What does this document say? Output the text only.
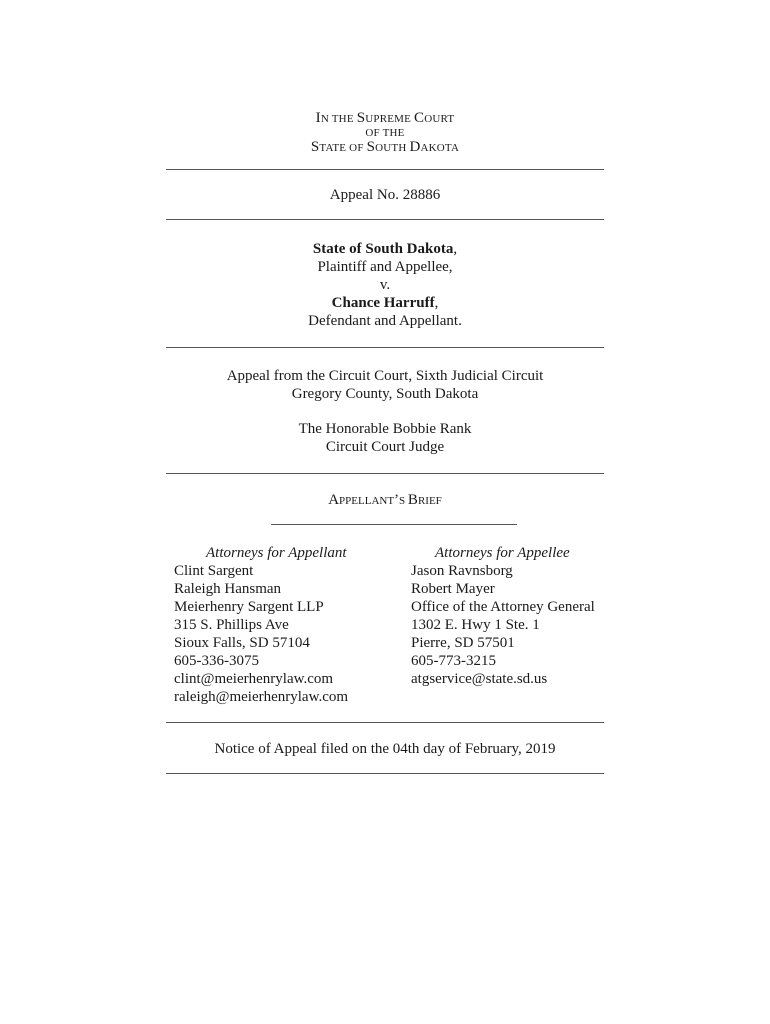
IN THE SUPREME COURT
OF THE
STATE OF SOUTH DAKOTA
Appeal No. 28886
State of South Dakota,
Plaintiff and Appellee,
v.
Chance Harruff,
Defendant and Appellant.
Appeal from the Circuit Court, Sixth Judicial Circuit
Gregory County, South Dakota
The Honorable Bobbie Rank
Circuit Court Judge
APPELLANT’S BRIEF
Attorneys for Appellant
Clint Sargent
Raleigh Hansman
Meierhenry Sargent LLP
315 S. Phillips Ave
Sioux Falls, SD 57104
605-336-3075
clint@meierhenrylaw.com
raleigh@meierhenrylaw.com
Attorneys for Appellee
Jason Ravnsborg
Robert Mayer
Office of the Attorney General
1302 E. Hwy 1 Ste. 1
Pierre, SD 57501
605-773-3215
atgservice@state.sd.us
Notice of Appeal filed on the 04th day of February, 2019
